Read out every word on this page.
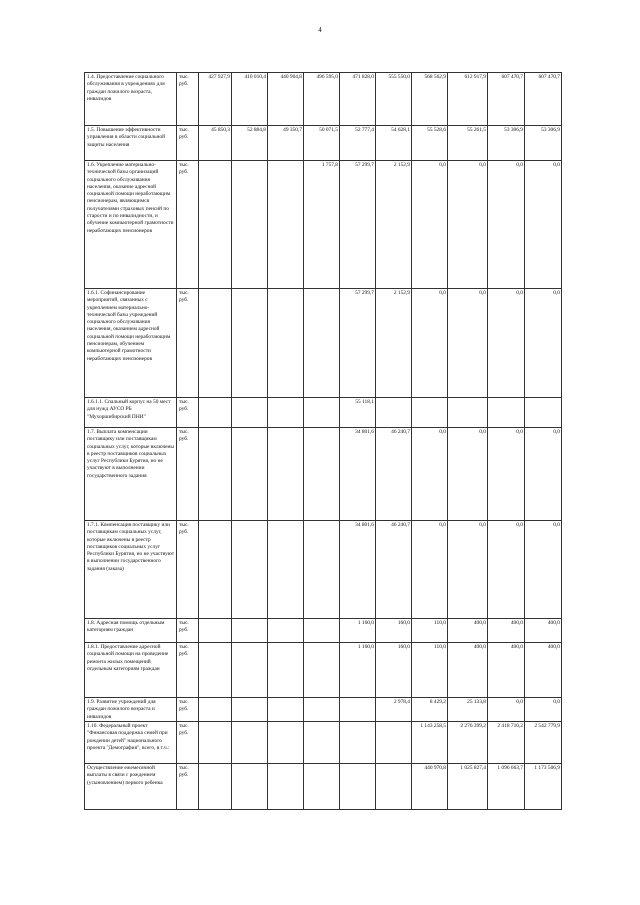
4
1.4. Предоставление социального обслуживания в учреждениях для граждан пожилого возраста, инвалидов	тыс. руб.	427 927,9	410 010,4	440 904,8	496 595,0	471 828,0	555 550,0	568 562,9	612 917,9	607 470,7	607 470,7
1.5. Повышение эффективности управления в области социальной защиты населения	тыс. руб.	45 850,3	52 884,8	49 350,7	50 071,5	52 777,4	54 628,1	55 528,6	55 261,5	53 306,9	53 306,9
1.6. Укрепление материально-технической базы организаций социального обслуживания населения, оказание адресной социальной помощи неработающим пенсионерам, являющимся получателями страховых пенсий по старости и по инвалидности, и обучение компьютерной грамотности неработающих пенсионеров	тыс. руб.				1 757,8	57 299,7	2 152,9	0,0	0,0	0,0	0,0
1.6.1. Софинансирование мероприятий, связанных с укреплением материально-технической базы учреждений социального обслуживания населения, оказанием адресной социальной помощи неработающим пенсионерам, обучением компьютерной грамотности неработающих пенсионеров	тыс. руб.					57 299,7	2 152,9	0,0	0,0	0,0	0,0
1.6.1.1. Спальный корпус на 50 мест для нужд АУСО РБ "Мухоршибирский ПНИ"	тыс. руб.					55 118,1					
1.7. Выплата компенсации поставщику или поставщикам социальных услуг, которые включены в реестр поставщиков социальных услуг Республики Бурятия, но не участвуют в выполнении государственного задания	тыс. руб.					34 801,6	46 240,7	0,0	0,0	0,0	0,0
1.7.1. Компенсация поставщику или поставщикам социальных услуг, которые включены в реестр поставщиков социальных услуг Республики Бурятия, но не участвуют в выполнении государственного задания (заказа)	тыс. руб.					34 801,6	46 240,7	0,0	0,0	0,0	0,0
1.8. Адресная помощь отдельным категориям граждан	тыс. руб.					1 160,0	160,0	110,0	400,0	400,0	400,0
1.8.1. Предоставление адресной социальной помощи на проведение ремонта жилых помещений отдельным категориям граждан	тыс. руб.					1 160,0	160,0	110,0	400,0	400,0	400,0
1.9. Развитие учреждений для граждан пожилого возраста и инвалидов	тыс. руб.						2 978,4	8 429,2	25 133,8	0,0	0,0
1.10. Федеральный проект "Финансовая поддержка семей при рождении детей" национального проекта "Демография", всего, в т.ч.:	тыс. руб.							1 143 258,5	2 276 399,2	2 418 710,2	2 542 779,9
Осуществление ежемесячной выплаты в связи с рождением (усыновлением) первого ребенка	тыс. руб.							440 970,8	1 025 827,4	1 096 663,7	1 173 506,9
